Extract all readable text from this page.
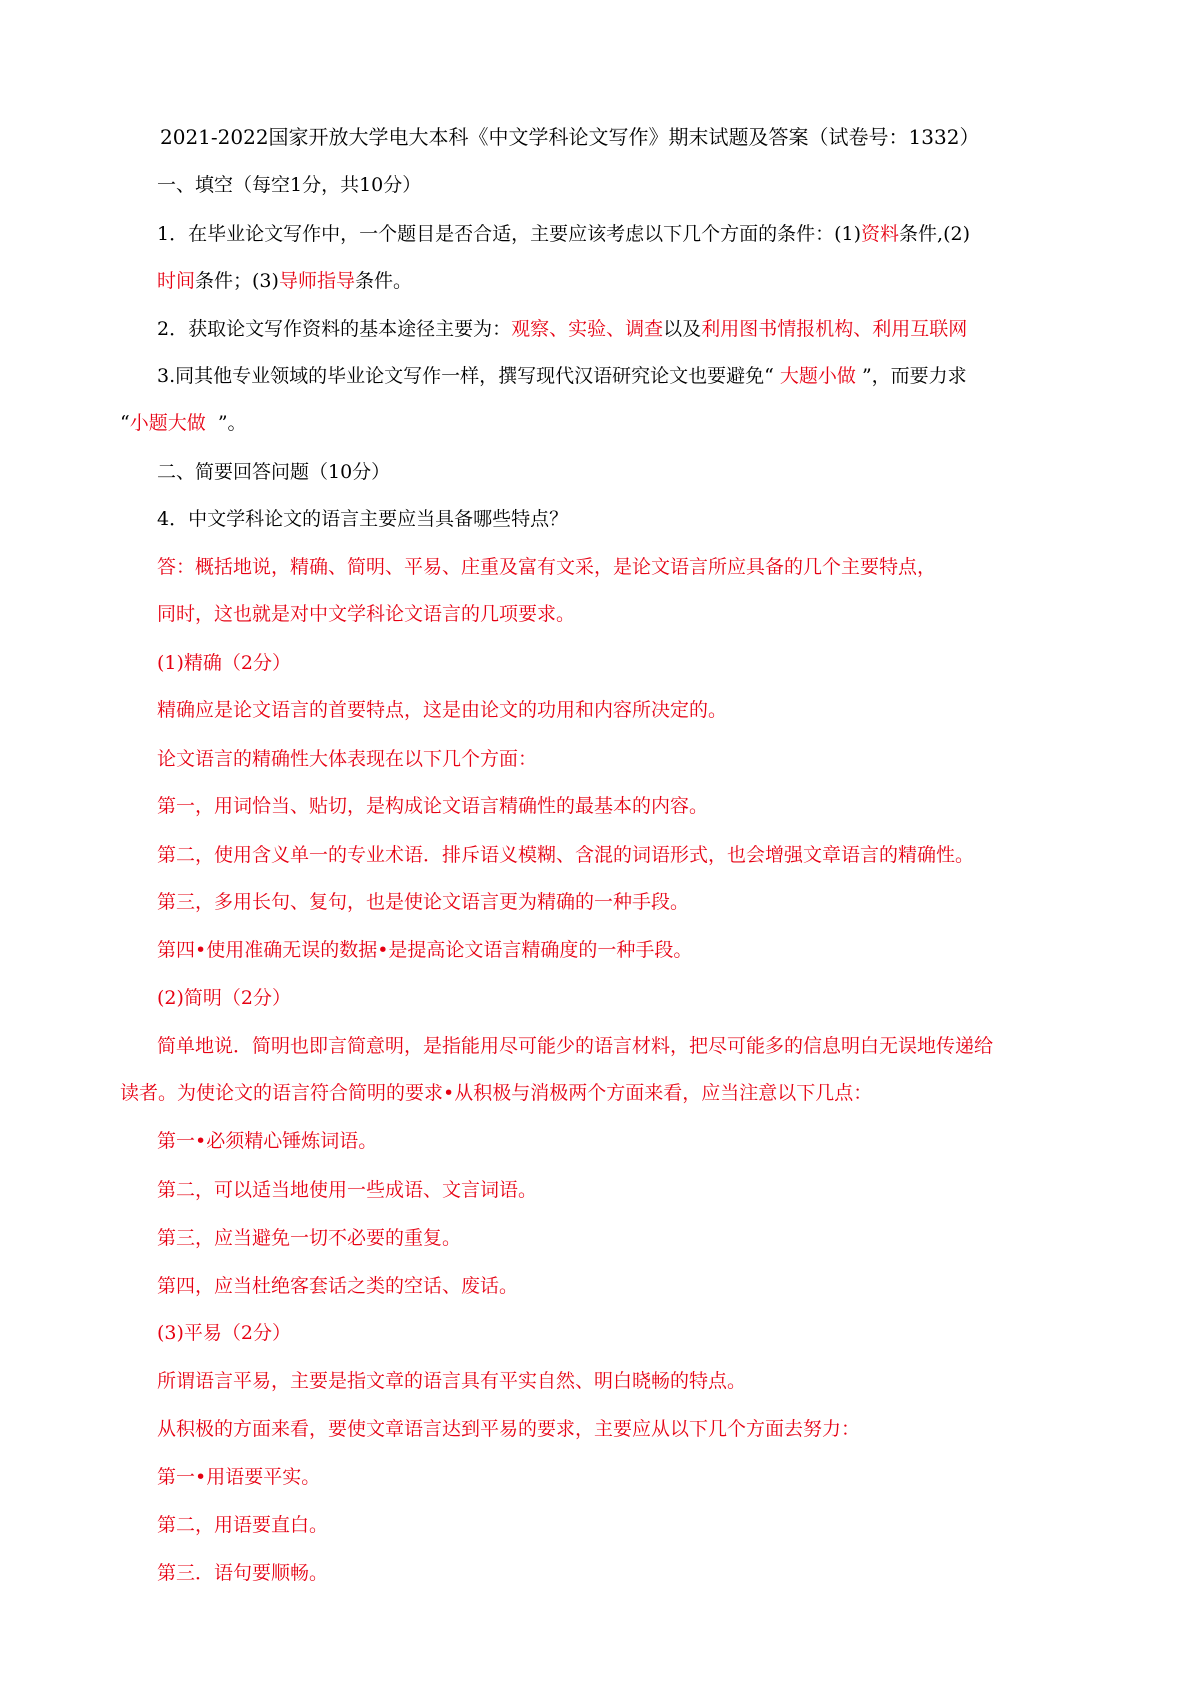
2021-2022国家开放大学电大本科《中文学科论文写作》期末试题及答案（试卷号：1332）
一、填空（每空1分，共10分）
1．在毕业论文写作中，一个题目是否合适，主要应该考虑以下几个方面的条件：(1)资料条件,(2)
时间条件；(3)导师指导条件。
2．获取论文写作资料的基本途径主要为：观察、实验、调查以及利用图书情报机构、利用互联网
3.同其他专业领域的毕业论文写作一样，撰写现代汉语研究论文也要避免“ 大题小做 ”，而要力求
“小题大做 ”。
二、简要回答问题（10分）
4．中文学科论文的语言主要应当具备哪些特点？
答：概括地说，精确、简明、平易、庄重及富有文采，是论文语言所应具备的几个主要特点，
同时，这也就是对中文学科论文语言的几项要求。
(1)精确（2分）
精确应是论文语言的首要特点，这是由论文的功用和内容所决定的。
论文语言的精确性大体表现在以下几个方面：
第一，用词恰当、贴切，是构成论文语言精确性的最基本的内容。
第二，使用含义单一的专业术语．排斥语义模糊、含混的词语形式，也会增强文章语言的精确性。
第三，多用长句、复句，也是使论文语言更为精确的一种手段。
第四•使用准确无误的数据•是提高论文语言精确度的一种手段。
(2)简明（2分）
简单地说．简明也即言简意明，是指能用尽可能少的语言材料，把尽可能多的信息明白无误地传递给
读者。为使论文的语言符合简明的要求•从积极与消极两个方面来看，应当注意以下几点：
第一•必须精心锤炼词语。
第二，可以适当地使用一些成语、文言词语。
第三，应当避免一切不必要的重复。
第四，应当杜绝客套话之类的空话、废话。
(3)平易（2分）
所谓语言平易，主要是指文章的语言具有平实自然、明白晓畅的特点。
从积极的方面来看，要使文章语言达到平易的要求，主要应从以下几个方面去努力：
第一•用语要平实。
第二，用语要直白。
第三．语句要顺畅。
